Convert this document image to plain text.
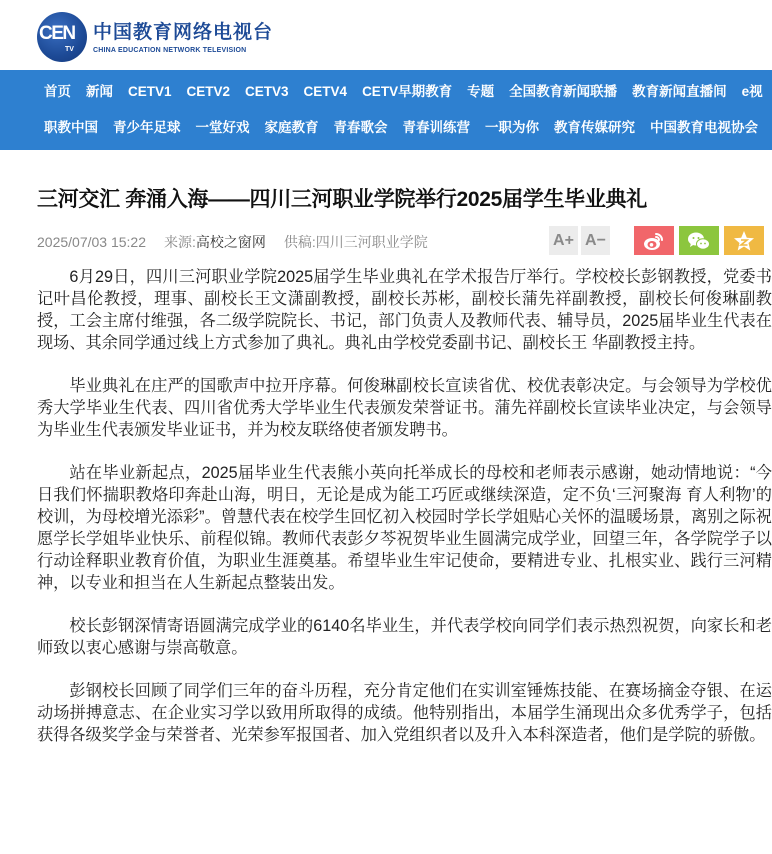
CEN
TV
中国教育网络电视台
CHINA EDUCATION NETWORK TELEVISION
首页 新闻 CETV1 CETV2 CETV3 CETV4 CETV早期教育 专题 全国教育新闻联播 教育新闻直播间 e视
职教中国 青少年足球 一堂好戏 家庭教育 青春歌会 青春训练营 一职为你 教育传媒研究 中国教育电视协会
三河交汇 奔涌入海——四川三河职业学院举行2025届学生毕业典礼
2025/07/03 15:22 来源: 高校之窗网 供稿: 四川三河职业学院	A+ A−

6月29日，四川三河职业学院2025届学生毕业典礼在学术报告厅举行。学校校长彭钢教授，党委书记叶昌伦教授，理事、副校长王文潇副教授，副校长苏彬，副校长蒲先祥副教授，副校长何俊琳副教授，工会主席付维强，各二级学院院长、书记，部门负责人及教师代表、辅导员，2025届毕业生代表在现场、其余同学通过线上方式参加了典礼。典礼由学校党委副书记、副校长王 华副教授主持。

毕业典礼在庄严的国歌声中拉开序幕。何俊琳副校长宣读省优、校优表彰决定。与会领导为学校优秀大学毕业生代表、四川省优秀大学毕业生代表颁发荣誉证书。蒲先祥副校长宣读毕业决定，与会领导为毕业生代表颁发毕业证书，并为校友联络使者颁发聘书。

站在毕业新起点，2025届毕业生代表熊小英向托举成长的母校和老师表示感谢，她动情地说：“今日我们怀揣职教烙印奔赴山海，明日，无论是成为能工巧匠或继续深造，定不负‘三河聚海 育人利物’的校训，为母校增光添彩”。曾慧代表在校学生回忆初入校园时学长学姐贴心关怀的温暖场景，离别之际祝愿学长学姐毕业快乐、前程似锦。教师代表彭夕芩祝贺毕业生圆满完成学业，回望三年，各学院学子以行动诠释职业教育价值，为职业生涯奠基。希望毕业生牢记使命，要精进专业、扎根实业、践行三河精神，以专业和担当在人生新起点整装出发。

校长彭钢深情寄语圆满完成学业的6140名毕业生，并代表学校向同学们表示热烈祝贺，向家长和老师致以衷心感谢与崇高敬意。

彭钢校长回顾了同学们三年的奋斗历程，充分肯定他们在实训室锤炼技能、在赛场摘金夺银、在运动场拼搏意志、在企业实习学以致用所取得的成绩。他特别指出，本届学生涌现出众多优秀学子，包括获得各级奖学金与荣誉者、光荣参军报国者、加入党组织者以及升入本科深造者，他们是学院的骄傲。
